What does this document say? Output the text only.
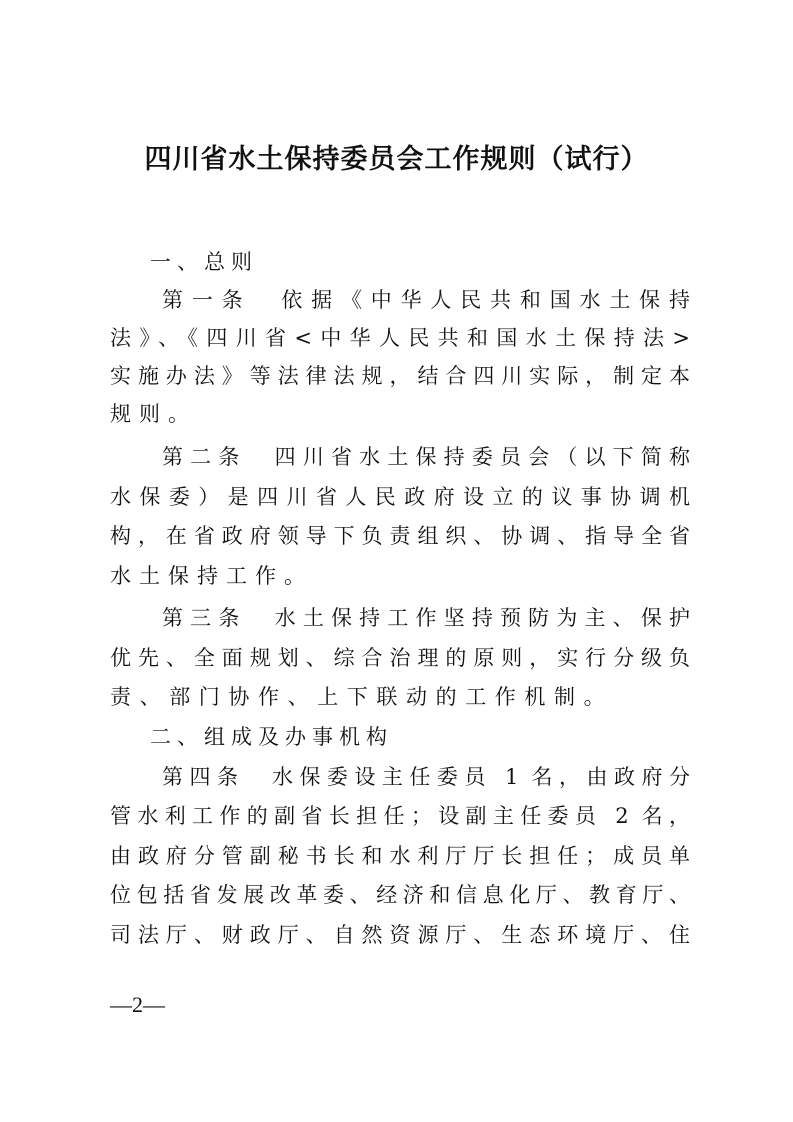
四川省水土保持委员会工作规则（试行）
一、总则
第一条　依据《中华人民共和国水土保持
法》、《四川省<中华人民共和国水土保持法>
实施办法》等法律法规，结合四川实际，制定本
规则。
第二条　四川省水土保持委员会（以下简称
水保委）是四川省人民政府设立的议事协调机
构，在省政府领导下负责组织、协调、指导全省
水土保持工作。
第三条　水土保持工作坚持预防为主、保护
优先、全面规划、综合治理的原则，实行分级负
责、部门协作、上下联动的工作机制。
二、组成及办事机构
第四条　水保委设主任委员 1 名，由政府分
管水利工作的副省长担任；设副主任委员 2 名，
由政府分管副秘书长和水利厅厅长担任；成员单
位包括省发展改革委、经济和信息化厅、教育厅、
司法厅、财政厅、自然资源厅、生态环境厅、住
—2—
